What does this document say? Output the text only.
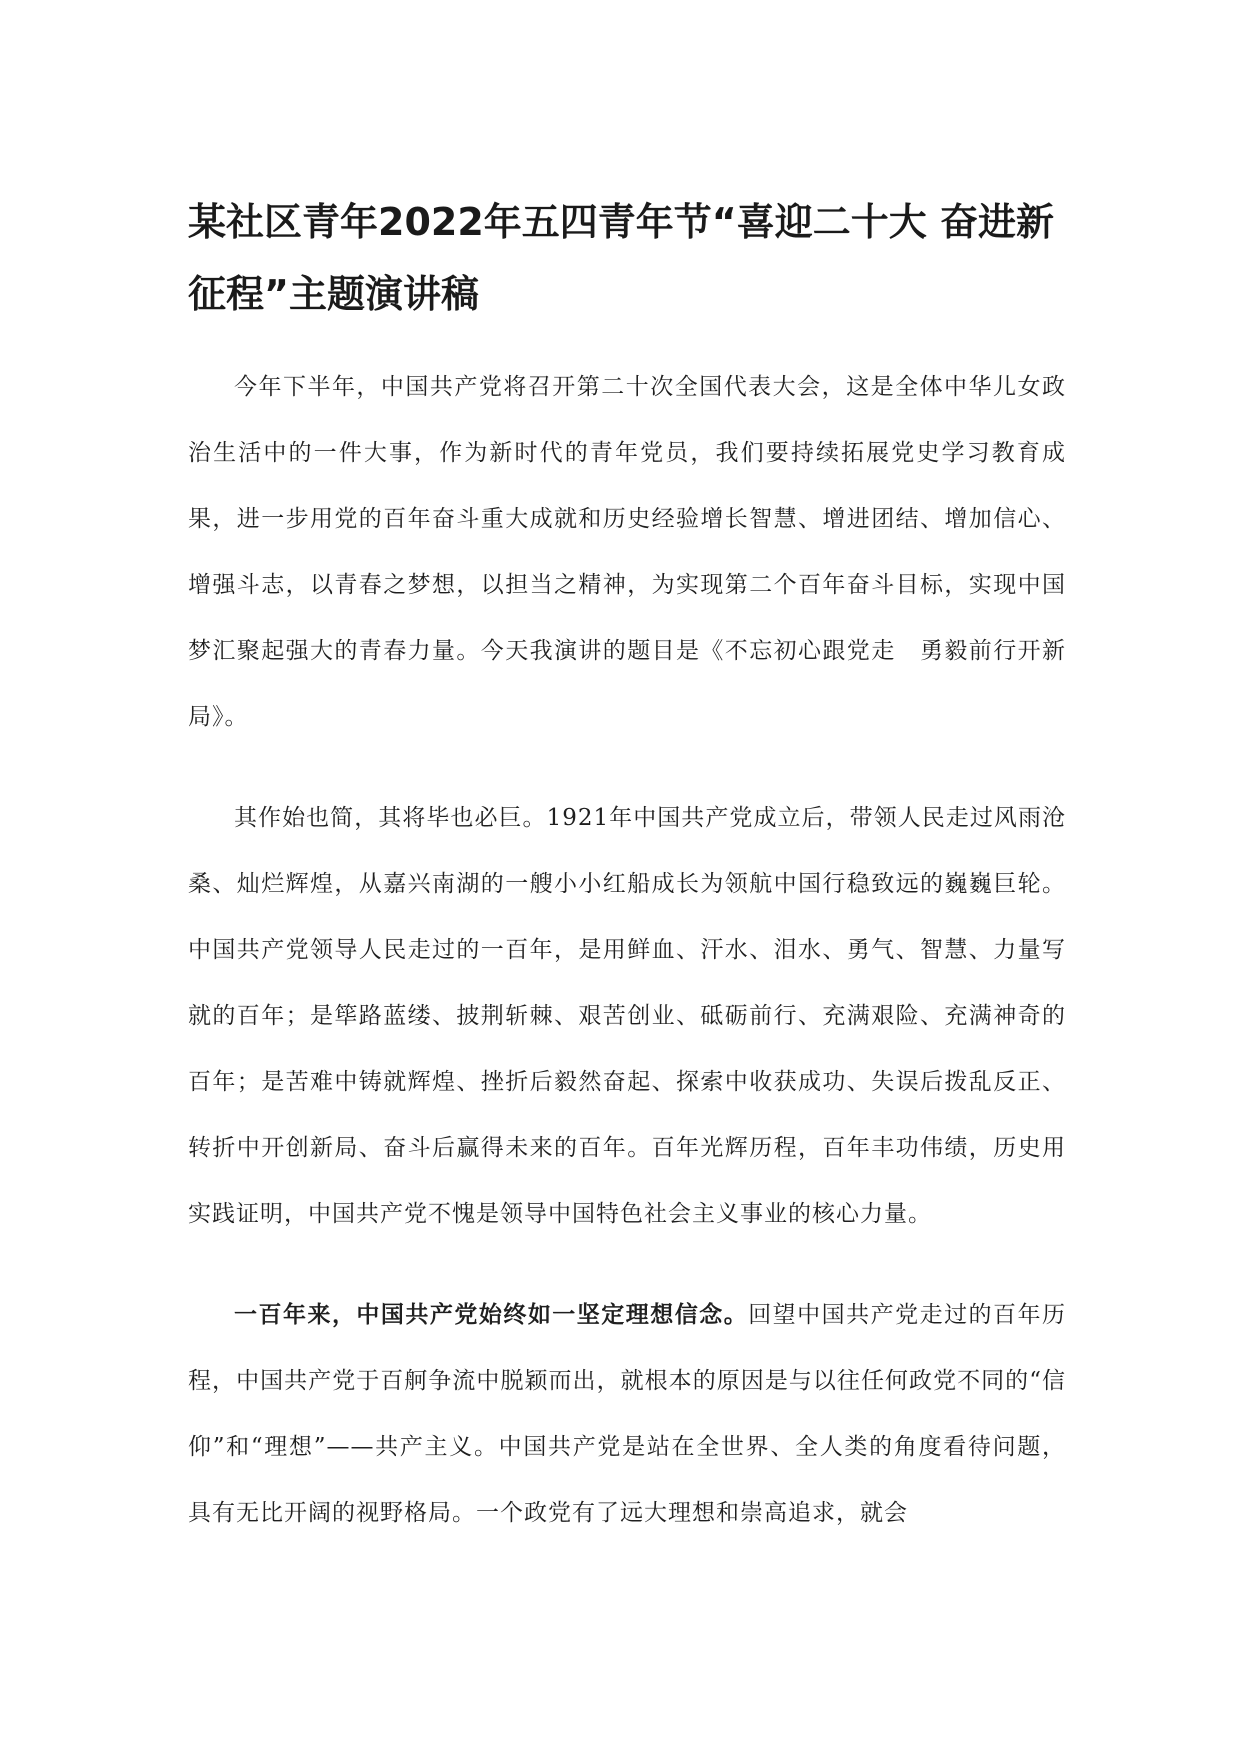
某社区青年2022年五四青年节“喜迎二十大 奋进新征程”主题演讲稿

今年下半年，中国共产党将召开第二十次全国代表大会，这是全体中华儿女政治生活中的一件大事，作为新时代的青年党员，我们要持续拓展党史学习教育成果，进一步用党的百年奋斗重大成就和历史经验增长智慧、增进团结、增加信心、增强斗志，以青春之梦想，以担当之精神，为实现第二个百年奋斗目标，实现中国梦汇聚起强大的青春力量。今天我演讲的题目是《不忘初心跟党走　勇毅前行开新局》。

其作始也简，其将毕也必巨。1921年中国共产党成立后，带领人民走过风雨沧桑、灿烂辉煌，从嘉兴南湖的一艘小小红船成长为领航中国行稳致远的巍巍巨轮。中国共产党领导人民走过的一百年，是用鲜血、汗水、泪水、勇气、智慧、力量写就的百年；是筚路蓝缕、披荆斩棘、艰苦创业、砥砺前行、充满艰险、充满神奇的百年；是苦难中铸就辉煌、挫折后毅然奋起、探索中收获成功、失误后拨乱反正、转折中开创新局、奋斗后赢得未来的百年。百年光辉历程，百年丰功伟绩，历史用实践证明，中国共产党不愧是领导中国特色社会主义事业的核心力量。

一百年来，中国共产党始终如一坚定理想信念。回望中国共产党走过的百年历程，中国共产党于百舸争流中脱颖而出，就根本的原因是与以往任何政党不同的“信仰”和“理想”——共产主义。中国共产党是站在全世界、全人类的角度看待问题，具有无比开阔的视野格局。一个政党有了远大理想和崇高追求，就会
